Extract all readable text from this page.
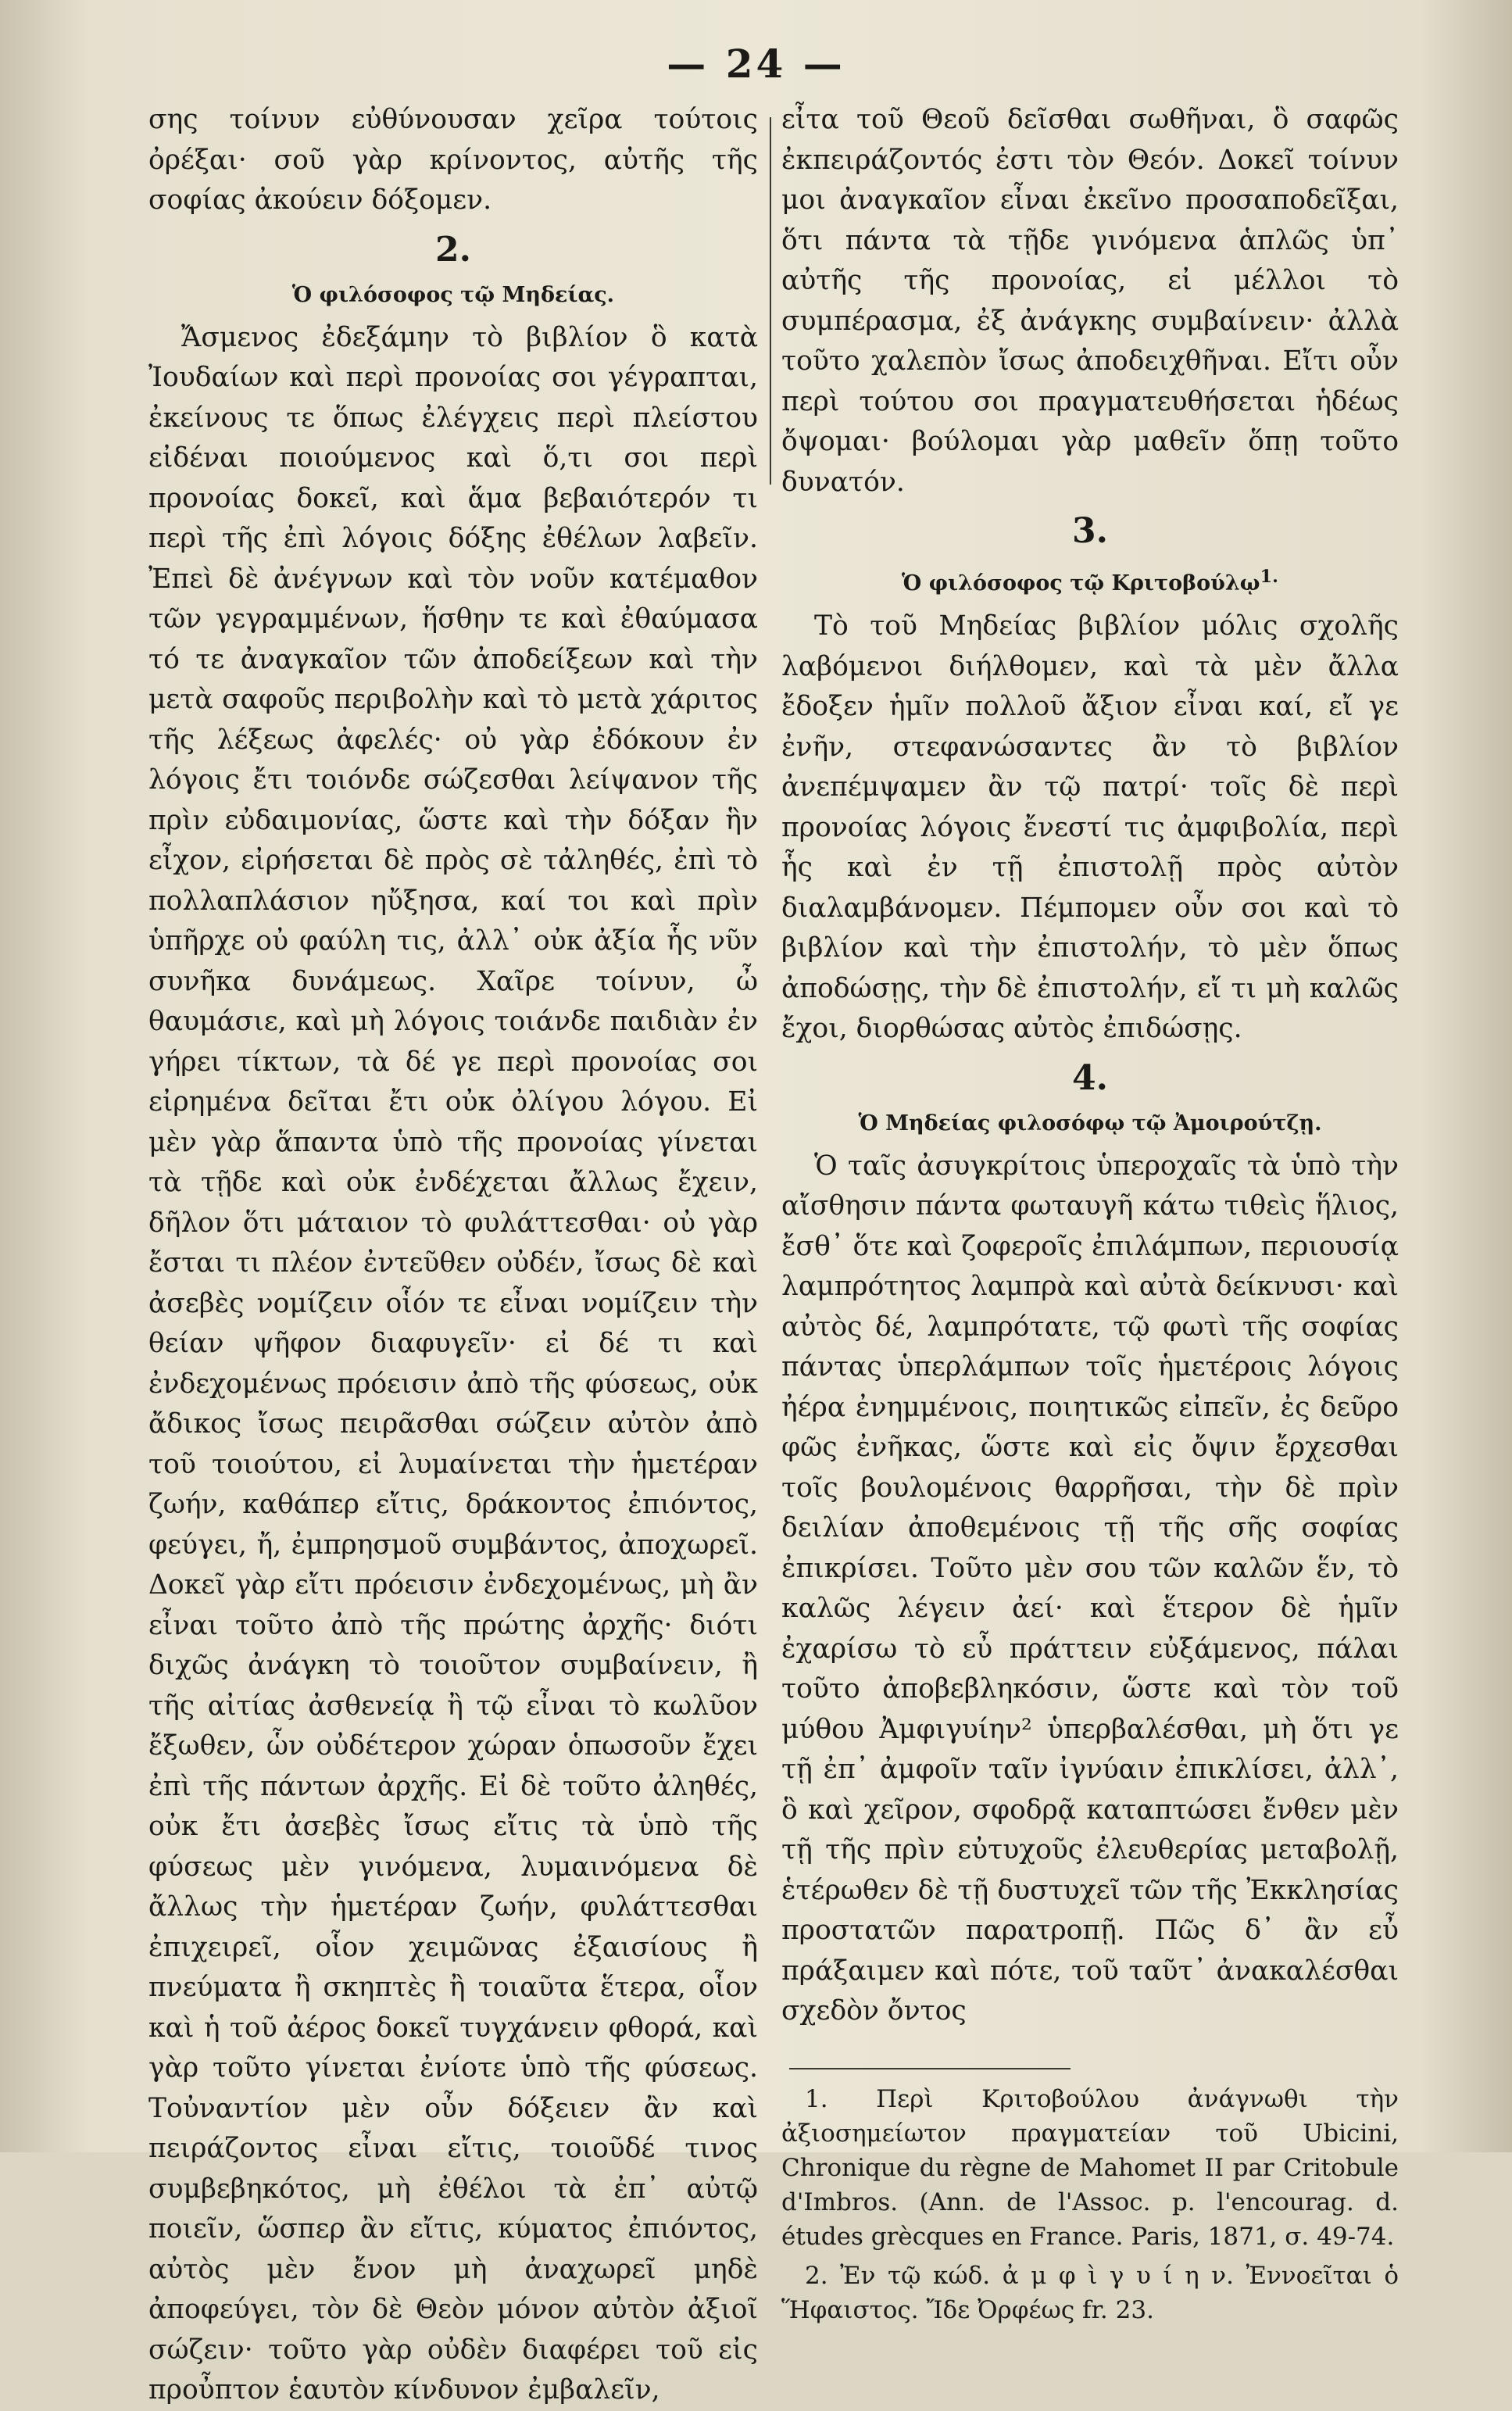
— 24 —

σης τοίνυν εὐθύνουσαν χεῖρα τούτοις ὀρέξαι· σοῦ γὰρ κρίνοντος, αὐτῆς τῆς σοφίας ἀκούειν δόξομεν.

2.
Ὁ φιλόσοφος τῷ Μηδείας.

Ἄσμενος ἐδεξάμην τὸ βιβλίον ὃ κατὰ Ἰουδαίων καὶ περὶ προνοίας σοι γέγραπται, ἐκείνους τε ὅπως ἐλέγχεις περὶ πλείστου εἰδέναι ποιούμενος καὶ ὅ,τι σοι περὶ προνοίας δοκεῖ, καὶ ἅμα βεβαιότερόν τι περὶ τῆς ἐπὶ λόγοις δόξης ἐθέλων λαβεῖν. Ἐπεὶ δὲ ἀνέγνων καὶ τὸν νοῦν κατέμαθον τῶν γεγραμμένων, ἥσθην τε καὶ ἐθαύμασα τό τε ἀναγκαῖον τῶν ἀποδείξεων καὶ τὴν μετὰ σαφοῦς περιβολὴν καὶ τὸ μετὰ χάριτος τῆς λέξεως ἀφελές· οὐ γὰρ ἐδόκουν ἐν λόγοις ἔτι τοιόνδε σώζεσθαι λείψανον τῆς πρὶν εὐδαιμονίας, ὥστε καὶ τὴν δόξαν ἣν εἶχον, εἰρήσεται δὲ πρὸς σὲ τἀληθές, ἐπὶ τὸ πολλαπλάσιον ηὔξησα, καί τοι καὶ πρὶν ὑπῆρχε οὐ φαύλη τις, ἀλλ᾽ οὐκ ἀξία ἧς νῦν συνῆκα δυνάμεως. Χαῖρε τοίνυν, ὦ θαυμάσιε, καὶ μὴ λόγοις τοιάνδε παιδιὰν ἐν γήρει τίκτων, τὰ δέ γε περὶ προνοίας σοι εἰρημένα δεῖται ἔτι οὐκ ὀλίγου λόγου. Εἰ μὲν γὰρ ἅπαντα ὑπὸ τῆς προνοίας γίνεται τὰ τῇδε καὶ οὐκ ἐνδέχεται ἄλλως ἔχειν, δῆλον ὅτι μάταιον τὸ φυλάττεσθαι· οὐ γὰρ ἔσται τι πλέον ἐντεῦθεν οὐδέν, ἴσως δὲ καὶ ἀσεβὲς νομίζειν οἷόν τε εἶναι νομίζειν τὴν θείαν ψῆφον διαφυγεῖν· εἰ δέ τι καὶ ἐνδεχομένως πρόεισιν ἀπὸ τῆς φύσεως, οὐκ ἄδικος ἴσως πειρᾶσθαι σώζειν αὐτὸν ἀπὸ τοῦ τοιούτου, εἰ λυμαίνεται τὴν ἡμετέραν ζωήν, καθάπερ εἴτις, δράκοντος ἐπιόντος, φεύγει, ἤ, ἐμπρησμοῦ συμβάντος, ἀποχωρεῖ. Δοκεῖ γὰρ εἴτι πρόεισιν ἐνδεχομένως, μὴ ἂν εἶναι τοῦτο ἀπὸ τῆς πρώτης ἀρχῆς· διότι διχῶς ἀνάγκη τὸ τοιοῦτον συμβαίνειν, ἢ τῆς αἰτίας ἀσθενείᾳ ἢ τῷ εἶναι τὸ κωλῦον ἔξωθεν, ὧν οὐδέτερον χώραν ὁπωσοῦν ἔχει ἐπὶ τῆς πάντων ἀρχῆς. Εἰ δὲ τοῦτο ἀληθές, οὐκ ἔτι ἀσεβὲς ἴσως εἴτις τὰ ὑπὸ τῆς φύσεως μὲν γινόμενα, λυμαινόμενα δὲ ἄλλως τὴν ἡμετέραν ζωήν, φυλάττεσθαι ἐπιχειρεῖ, οἷον χειμῶνας ἐξαισίους ἢ πνεύματα ἢ σκηπτὲς ἢ τοιαῦτα ἕτερα, οἷον καὶ ἡ τοῦ ἀέρος δοκεῖ τυγχάνειν φθορά, καὶ γὰρ τοῦτο γίνεται ἐνίοτε ὑπὸ τῆς φύσεως. Τοὐναντίον μὲν οὖν δόξειεν ἂν καὶ πειράζοντος εἶναι εἴτις, τοιοῦδέ τινος συμβεβηκότος, μὴ ἐθέλοι τὰ ἐπ᾽ αὐτῷ ποιεῖν, ὥσπερ ἂν εἴτις, κύματος ἐπιόντος, αὐτὸς μὲν ἔνον μὴ ἀναχωρεῖ μηδὲ ἀποφεύγει, τὸν δὲ Θεὸν μόνον αὐτὸν ἀξιοῖ σώζειν· τοῦτο γὰρ οὐδὲν διαφέρει τοῦ εἰς προὖπτον ἑαυτὸν κίνδυνον ἐμβαλεῖν,

εἶτα τοῦ Θεοῦ δεῖσθαι σωθῆναι, ὃ σαφῶς ἐκπειράζοντός ἐστι τὸν Θεόν. Δοκεῖ τοίνυν μοι ἀναγκαῖον εἶναι ἐκεῖνο προσαποδεῖξαι, ὅτι πάντα τὰ τῇδε γινόμενα ἁπλῶς ὑπ᾽ αὐτῆς τῆς προνοίας, εἰ μέλλοι τὸ συμπέρασμα, ἐξ ἀνάγκης συμβαίνειν· ἀλλὰ τοῦτο χαλεπὸν ἴσως ἀποδειχθῆναι. Εἴτι οὖν περὶ τούτου σοι πραγματευθήσεται ἡδέως ὄψομαι· βούλομαι γὰρ μαθεῖν ὅπῃ τοῦτο δυνατόν.

3.
Ὁ φιλόσοφος τῷ Κριτοβούλῳ$^{1.}$

Τὸ τοῦ Μηδείας βιβλίον μόλις σχολῆς λαβόμενοι διήλθομεν, καὶ τὰ μὲν ἄλλα ἔδοξεν ἡμῖν πολλοῦ ἄξιον εἶναι καί, εἴ γε ἐνῆν, στεφανώσαντες ἂν τὸ βιβλίον ἀνεπέμψαμεν ἂν τῷ πατρί· τοῖς δὲ περὶ προνοίας λόγοις ἔνεστί τις ἀμφιβολία, περὶ ἧς καὶ ἐν τῇ ἐπιστολῇ πρὸς αὐτὸν διαλαμβάνομεν. Πέμπομεν οὖν σοι καὶ τὸ βιβλίον καὶ τὴν ἐπιστολήν, τὸ μὲν ὅπως ἀποδώσῃς, τὴν δὲ ἐπιστολήν, εἴ τι μὴ καλῶς ἔχοι, διορθώσας αὐτὸς ἐπιδώσῃς.

4.
Ὁ Μηδείας φιλοσόφῳ τῷ Ἀμοιρούτζῃ.

Ὁ ταῖς ἀσυγκρίτοις ὑπεροχαῖς τὰ ὑπὸ τὴν αἴσθησιν πάντα φωταυγῆ κάτω τιθεὶς ἥλιος, ἔσθ᾽ ὅτε καὶ ζοφεροῖς ἐπιλάμπων, περιουσίᾳ λαμπρότητος λαμπρὰ καὶ αὐτὰ δείκνυσι· καὶ αὐτὸς δέ, λαμπρότατε, τῷ φωτὶ τῆς σοφίας πάντας ὑπερλάμπων τοῖς ἡμετέροις λόγοις ἠέρα ἐνημμένοις, ποιητικῶς εἰπεῖν, ἐς δεῦρο φῶς ἐνῆκας, ὥστε καὶ εἰς ὄψιν ἔρχεσθαι τοῖς βουλομένοις θαρρῆσαι, τὴν δὲ πρὶν δειλίαν ἀποθεμένοις τῇ τῆς σῆς σοφίας ἐπικρίσει. Τοῦτο μὲν σου τῶν καλῶν ἕν, τὸ καλῶς λέγειν ἀεί· καὶ ἕτερον δὲ ἡμῖν ἐχαρίσω τὸ εὖ πράττειν εὐξάμενος, πάλαι τοῦτο ἀποβεβληκόσιν, ὥστε καὶ τὸν τοῦ μύθου Ἀμφιγυίην² ὑπερβαλέσθαι, μὴ ὅτι γε τῇ ἐπ᾽ ἀμφοῖν ταῖν ἰγνύαιν ἐπικλίσει, ἀλλ᾽, ὃ καὶ χεῖρον, σφοδρᾷ καταπτώσει ἔνθεν μὲν τῇ τῆς πρὶν εὐτυχοῦς ἐλευθερίας μεταβολῇ, ἑτέρωθεν δὲ τῇ δυστυχεῖ τῶν τῆς Ἐκκλησίας προστατῶν παρατροπῇ. Πῶς δ᾽ ἂν εὖ πράξαιμεν καὶ πότε, τοῦ ταῦτ᾽ ἀνακαλέσθαι σχεδὸν ὄντος

1. Περὶ Κριτοβούλου ἀνάγνωθι τὴν ἀξιοσημείωτον πραγματείαν τοῦ Ubicini, Chronique du règne de Mahomet II par Critobule d'Imbros. (Ann. de l'Assoc. p. l'encourag. d. études grècques en France. Paris, 1871, σ. 49-74.

2. Ἐν τῷ κώδ. ἀ μ φ ὶ γ υ ί η ν. Ἐννοεῖται ὁ Ἥφαιστος. Ἴδε Ὀρφέως fr. 23.
